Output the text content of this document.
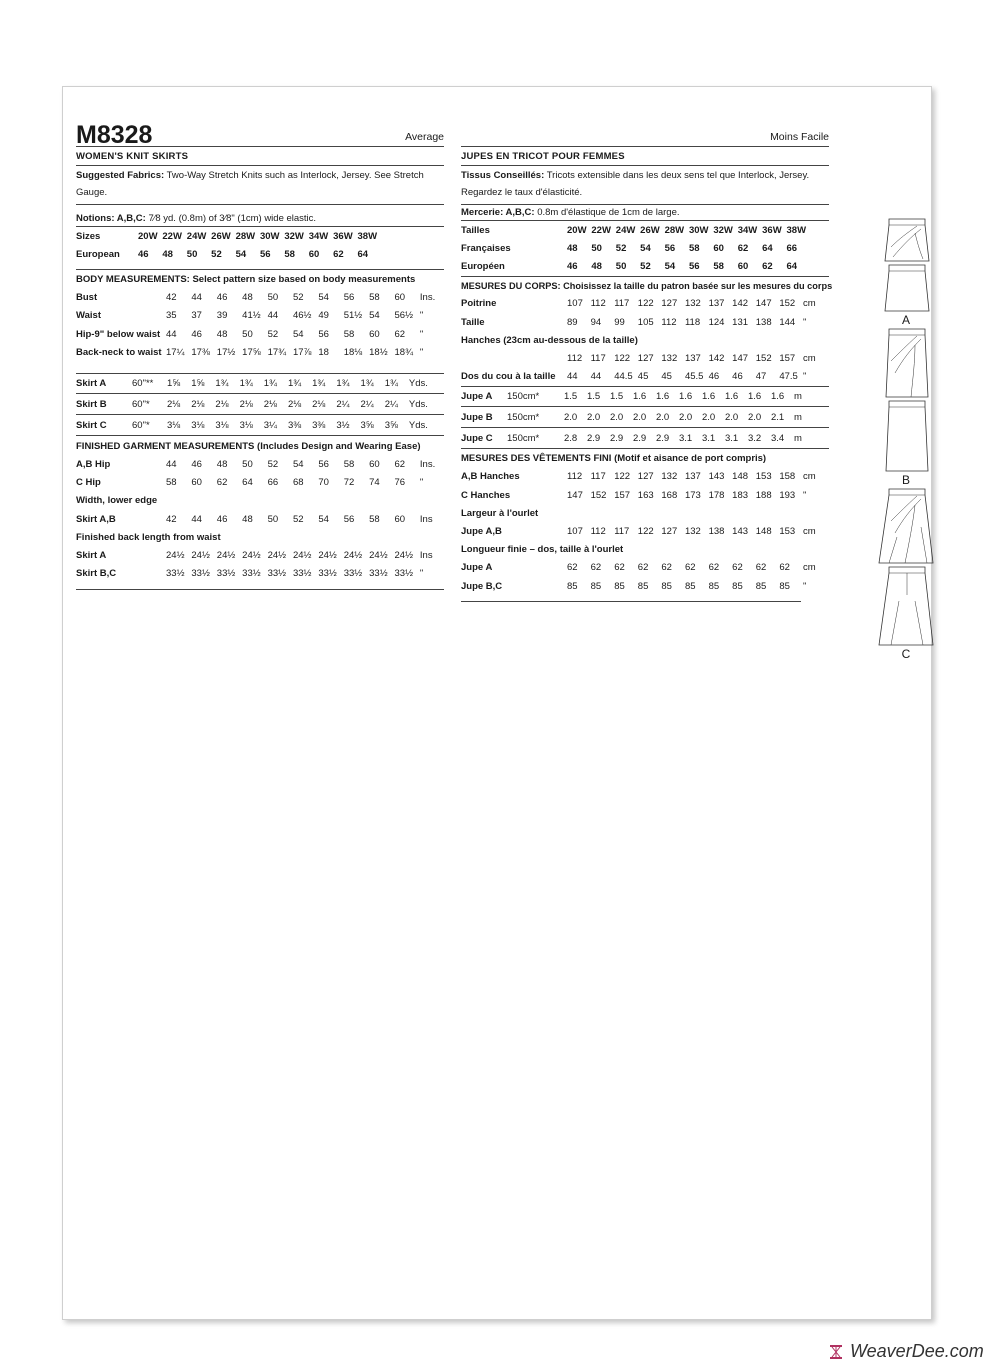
M8328	Average
WOMEN'S KNIT SKIRTS
Suggested Fabrics: Two-Way Stretch Knits such as Interlock, Jersey. See Stretch Gauge.
Notions: A,B,C: 7⁄8 yd. (0.8m) of 3⁄8" (1cm) wide elastic.
Sizes	20W 22W 24W 26W 28W 30W 32W 34W 36W 38W
European	46	48	50	52	54	56	58	60	62	64
BODY MEASUREMENTS: Select pattern size based on body measurements
Bust	42	44	46	48	50	52	54	56	58	60	Ins.
Waist	35	37	39	41½ 44	46½ 49	51½ 54	56½ "
Hip-9" below waist 44	46	48	50	52	54	56	58	60	62	"
Back-neck to waist 17¼ 17⅜ 17½ 17⅝ 17¾ 17⅞ 18	18⅛ 18½ 18¾ "
Skirt A	60"**	1⅝	1⅝	1¾	1¾	1¾	1¾	1¾	1¾	1¾	1¾	Yds.
Skirt B	60"*	2⅛	2⅛	2⅛	2⅛	2⅛	2⅛	2⅛	2¼	2¼	2¼	Yds.
Skirt C	60"*	3⅛	3⅛	3⅛	3⅛	3¼	3⅜	3⅜	3½	3⅝	3⅝	Yds.
FINISHED GARMENT MEASUREMENTS (Includes Design and Wearing Ease)
A,B Hip	44	46	48	50	52	54	56	58	60	62	Ins.
C Hip	58	60	62	64	66	68	70	72	74	76	"
Width, lower edge
Skirt A,B	42	44	46	48	50	52	54	56	58	60	Ins
Finished back length from waist
Skirt A	24½ 24½ 24½ 24½ 24½ 24½ 24½ 24½ 24½ 24½ Ins
Skirt B,C	33½ 33½ 33½ 33½ 33½ 33½ 33½ 33½ 33½ 33½ "
Moins Facile
JUPES EN TRICOT POUR FEMMES
Tissus Conseillés: Tricots extensible dans les deux sens tel que Interlock, Jersey.
Regardez le taux d'élasticité.
Mercerie: A,B,C: 0.8m d'élastique de 1cm de large.
Tailles	20W 22W 24W 26W 28W 30W 32W 34W 36W 38W
Françaises	48	50	52	54	56	58	60	62	64	66
Européen	46	48	50	52	54	56	58	60	62	64
MESURES DU CORPS: Choisissez la taille du patron basée sur les mesures du corps
Poitrine	107 112 117 122 127 132 137 142 147 152 cm
Taille	89	94	99	105 112 118 124 131 138 144 "
Hanches (23cm au-dessous de la taille)
112 117 122 127 132 137 142 147 152 157 cm
Dos du cou à la taille	44	44	44.5 45	45	45.5 46	46	47	47.5 "
Jupe A	150cm*	1.5	1.5	1.5	1.6	1.6	1.6	1.6	1.6	1.6	1.6	m
Jupe B	150cm*	2.0	2.0	2.0	2.0	2.0	2.0	2.0	2.0	2.0	2.1	m
Jupe C	150cm*	2.8	2.9	2.9	2.9	2.9	3.1	3.1	3.1	3.2	3.4	m
MESURES DES VÊTEMENTS FINI (Motif et aisance de port compris)
A,B Hanches	112 117 122 127 132 137 143 148 153 158 cm
C Hanches	147 152 157 163 168 173 178 183 188 193 "
Largeur à l'ourlet
Jupe A,B	107 112 117 122 127 132 138 143 148 153 cm
Longueur finie – dos, taille à l'ourlet
Jupe A	62	62	62	62	62	62	62	62	62	62	cm
Jupe B,C	85	85	85	85	85	85	85	85	85	85	"
A
B
C
WeaverDee.com
